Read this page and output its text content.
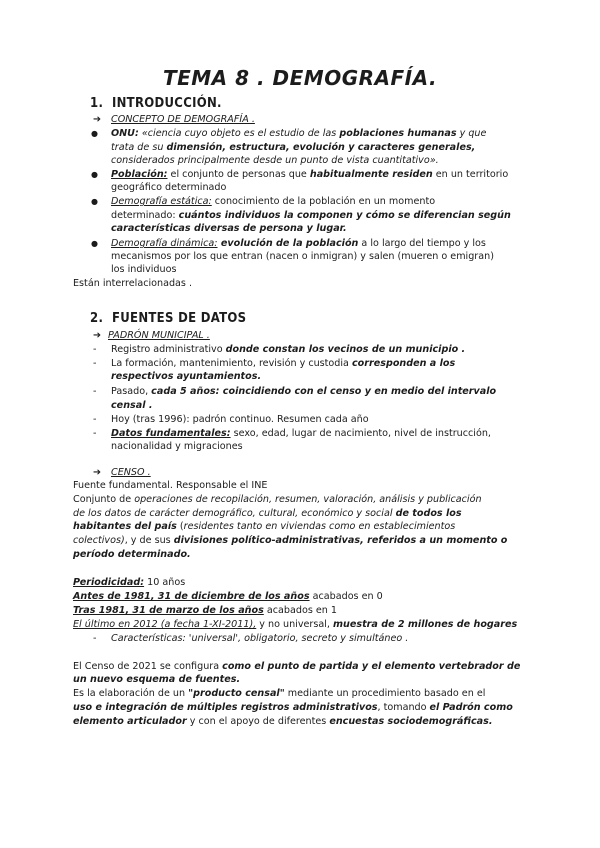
TEMA 8 . DEMOGRAFÍA.
1. INTRODUCCIÓN.
➔ CONCEPTO DE DEMOGRAFÍA .
● ONU: «ciencia cuyo objeto es el estudio de las poblaciones humanas y que
trata de su dimensión, estructura, evolución y caracteres generales,
considerados principalmente desde un punto de vista cuantitativo».
● Población: el conjunto de personas que habitualmente residen en un territorio
geográfico determinado
● Demografía estática: conocimiento de la población en un momento
determinado: cuántos individuos la componen y cómo se diferencian según
características diversas de persona y lugar.
● Demografía dinámica: evolución de la población a lo largo del tiempo y los
mecanismos por los que entran (nacen o inmigran) y salen (mueren o emigran)
los individuos
Están interrelacionadas .
2. FUENTES DE DATOS
➔ PADRÓN MUNICIPAL .
- Registro administrativo donde constan los vecinos de un municipio .
- La formación, mantenimiento, revisión y custodia corresponden a los
respectivos ayuntamientos.
- Pasado, cada 5 años: coincidiendo con el censo y en medio del intervalo
censal .
- Hoy (tras 1996): padrón continuo. Resumen cada año
- Datos fundamentales: sexo, edad, lugar de nacimiento, nivel de instrucción,
nacionalidad y migraciones
➔ CENSO .
Fuente fundamental. Responsable el INE
Conjunto de operaciones de recopilación, resumen, valoración, análisis y publicación
de los datos de carácter demográfico, cultural, económico y social de todos los
habitantes del país (residentes tanto en viviendas como en establecimientos
colectivos), y de sus divisiones político-administrativas, referidos a un momento o
período determinado.
Periodicidad: 10 años
Antes de 1981, 31 de diciembre de los años acabados en 0
Tras 1981, 31 de marzo de los años acabados en 1
El último en 2012 (a fecha 1-XI-2011), y no universal, muestra de 2 millones de hogares
- Características: 'universal', obligatorio, secreto y simultáneo .
El Censo de 2021 se configura como el punto de partida y el elemento vertebrador de
un nuevo esquema de fuentes.
Es la elaboración de un "producto censal" mediante un procedimiento basado en el
uso e integración de múltiples registros administrativos, tomando el Padrón como
elemento articulador y con el apoyo de diferentes encuestas sociodemográficas.
